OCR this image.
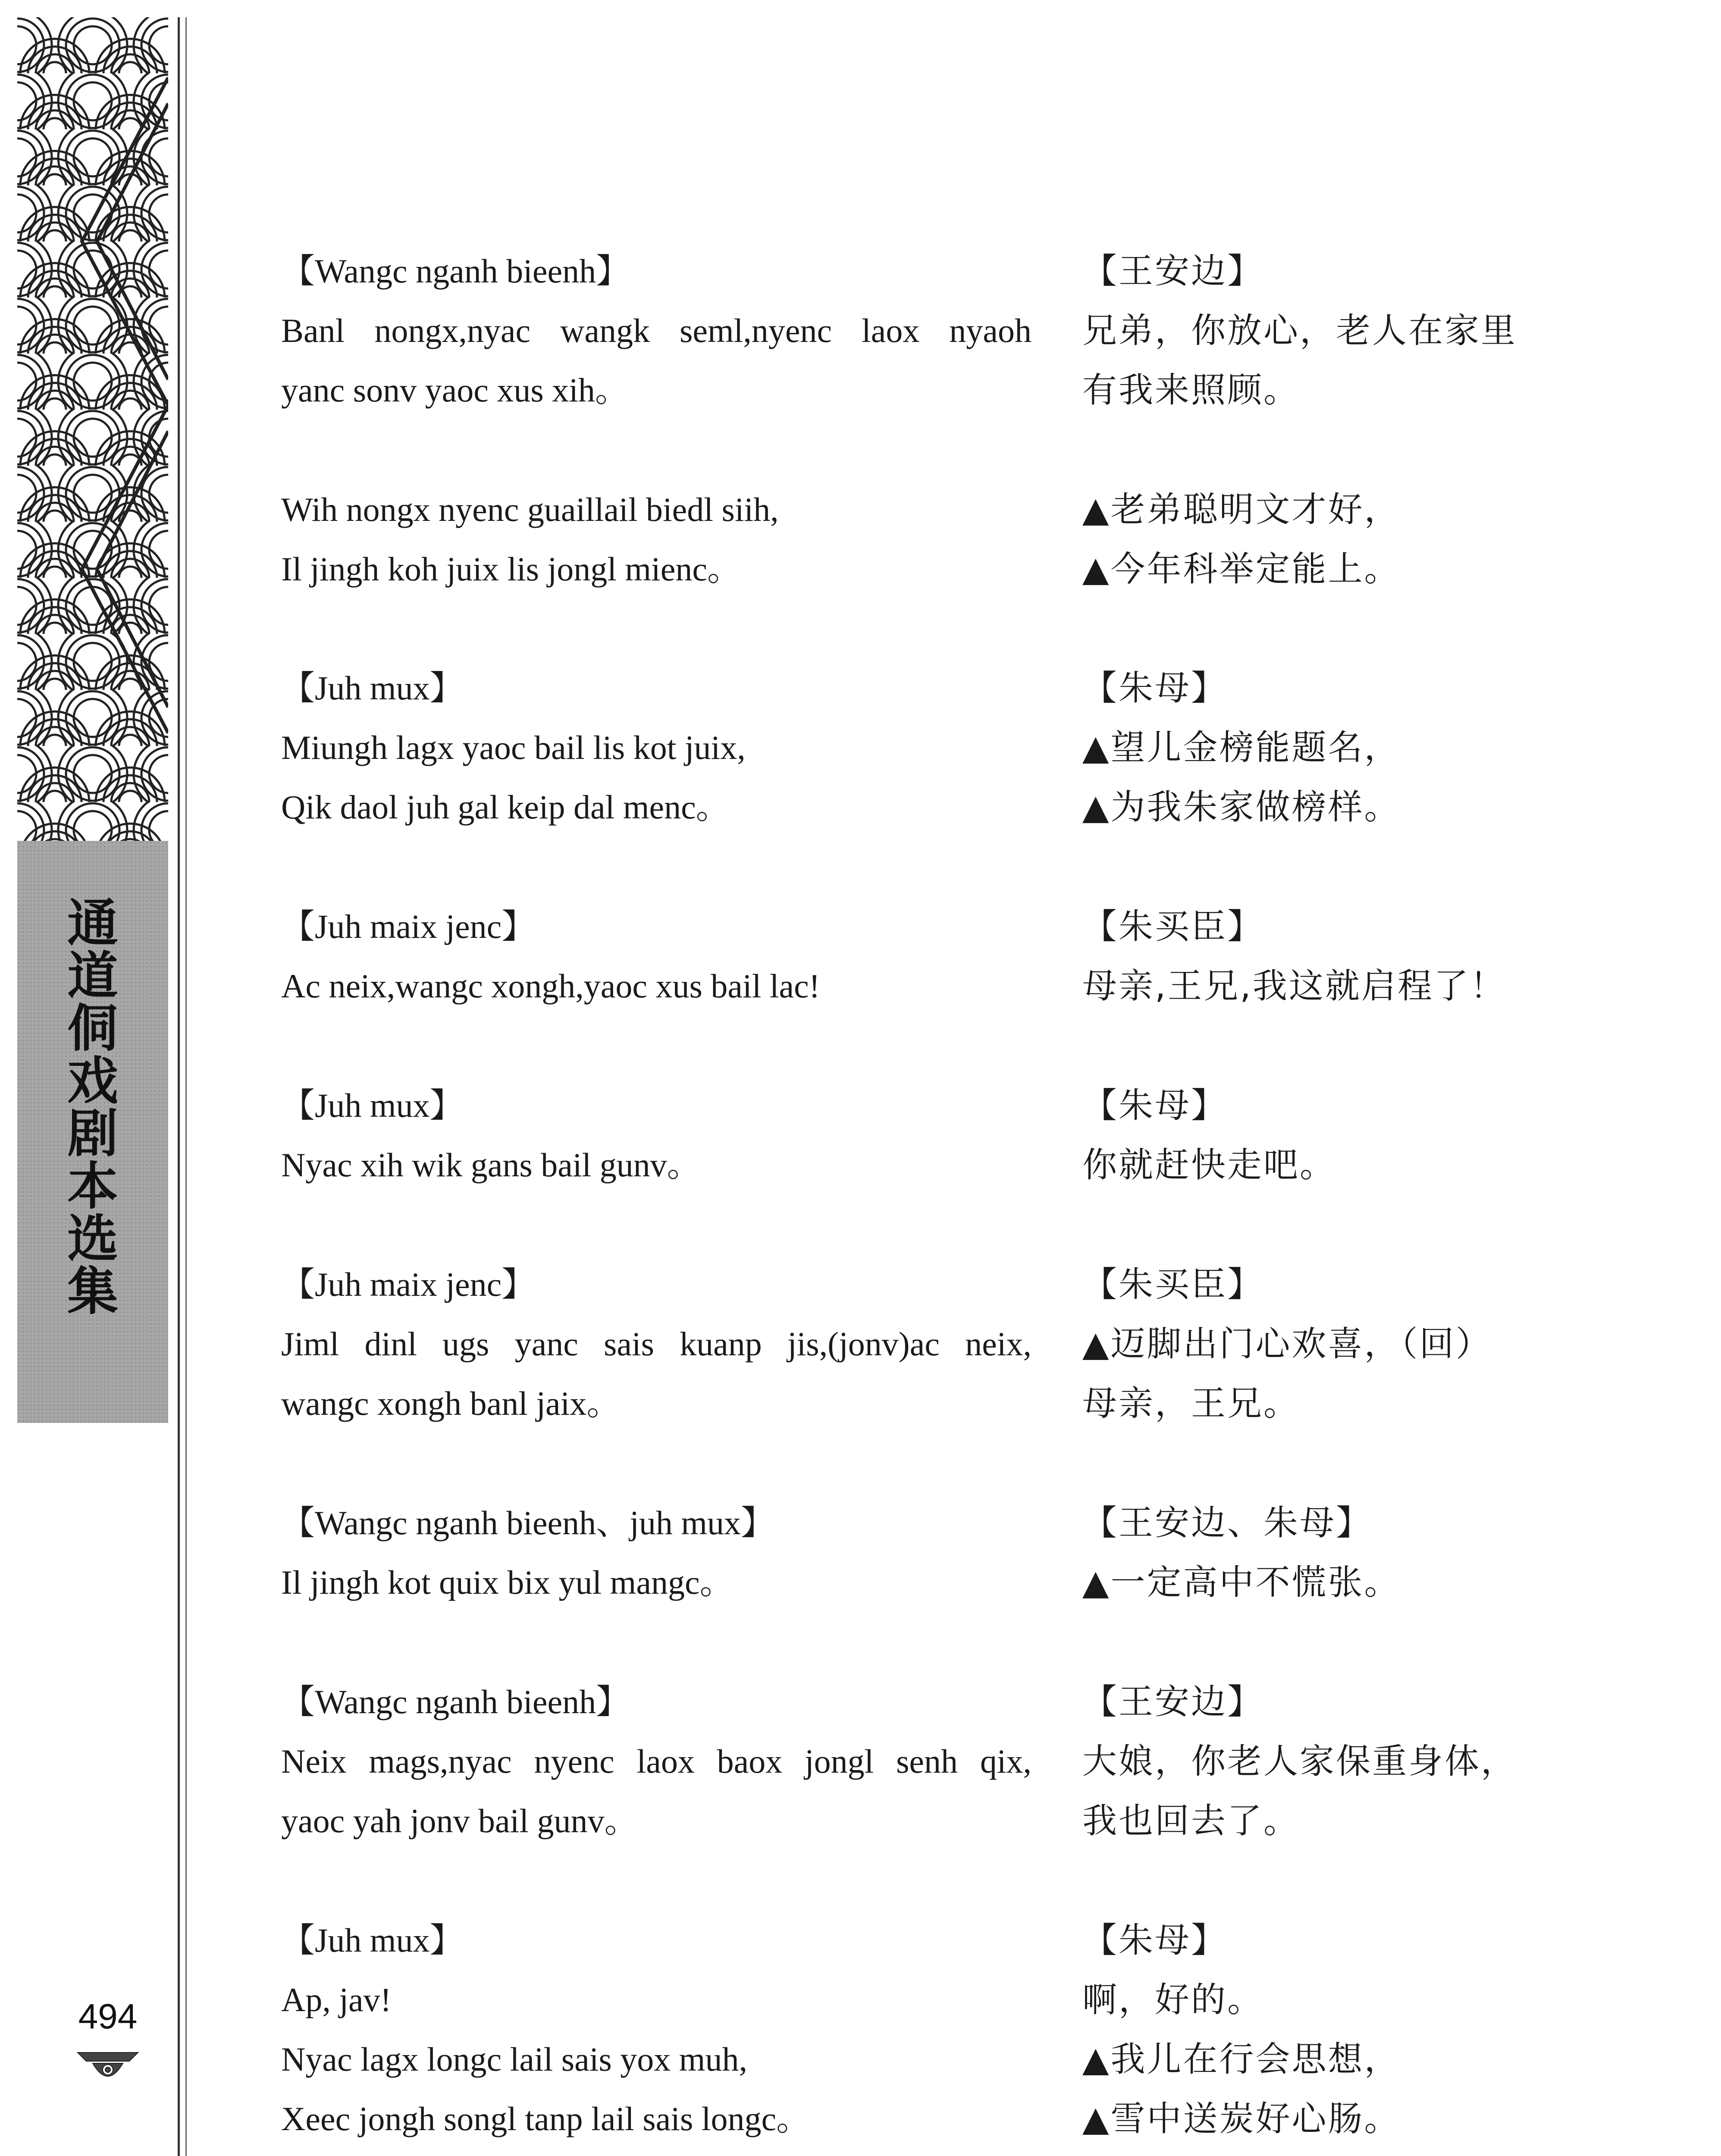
通
道
侗
戏
剧
本
选
集
494
【Wangc nganh bieenh】
Banl nongx,nyac wangk seml,nyenc laox nyaoh
yanc sonv yaoc xus xih。
【王安边】
兄弟，你放心，老人在家里
有我来照顾。
Wih nongx nyenc guaillail biedl siih,
Il jingh koh juix lis jongl mienc。
▲老弟聪明文才好，
▲今年科举定能上。
【Juh mux】
Miungh lagx yaoc bail lis kot juix,
Qik daol juh gal keip dal menc。
【朱母】
▲望儿金榜能题名，
▲为我朱家做榜样。
【Juh maix jenc】
Ac neix,wangc xongh,yaoc xus bail lac!
【朱买臣】
母亲,王兄,我这就启程了！
【Juh mux】
Nyac xih wik gans bail gunv。
【朱母】
你就赶快走吧。
【Juh maix jenc】
Jiml dinl ugs yanc sais kuanp jis,(jonv)ac neix,
wangc xongh banl jaix。
【朱买臣】
▲迈脚出门心欢喜，（回）
母亲，王兄。
【Wangc nganh bieenh、juh mux】
Il jingh kot quix bix yul mangc。
【王安边、朱母】
▲一定高中不慌张。
【Wangc nganh bieenh】
Neix mags,nyac nyenc laox baox jongl senh qix,
yaoc yah jonv bail gunv。
【王安边】
大娘，你老人家保重身体，
我也回去了。
【Juh mux】
Ap, jav!
Nyac lagx longc lail sais yox muh,
Xeec jongh songl tanp lail sais longc。
【朱母】
啊，好的。
▲我儿在行会思想，
▲雪中送炭好心肠。
